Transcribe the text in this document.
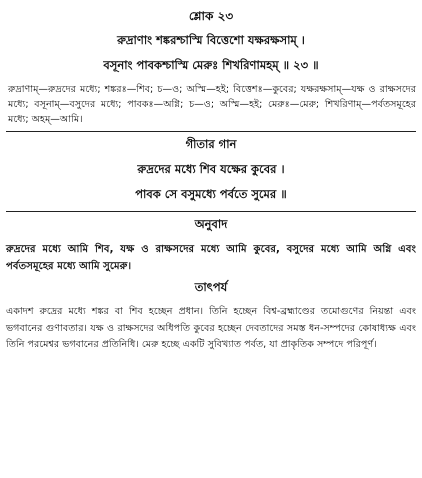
শ্লোক ২৩
রুদ্রাণাং শঙ্করশ্চাস্মি বিত্তেশো যক্ষরক্ষসাম্ ।
বসূনাং পাবকশ্চাস্মি মেরুঃ শিখরিণামহম্ ॥ ২৩ ॥
রুদ্রাণাম্—রুদ্রদের মধ্যে; শঙ্করঃ—শিব; চ—ও; অস্মি—হই; বিত্তেশঃ—কুবের; যক্ষরক্ষসাম্—যক্ষ ও রাক্ষসদের মধ্যে; বসূনাম্—বসুদের মধ্যে; পাবকঃ—অগ্নি; চ—ও; অস্মি—হই; মেরুঃ—মেরু; শিখরিণাম্—পর্বতসমূহের মধ্যে; অহম্—আমি।
গীতার গান
রুদ্রদের মধ্যে শিব যক্ষের কুবের ।
পাবক সে বসুমধ্যে পর্বতে সুমের ॥
অনুবাদ
রুদ্রদের মধ্যে আমি শিব, যক্ষ ও রাক্ষসদের মধ্যে আমি কুবের, বসুদের মধ্যে আমি অগ্নি এবং পর্বতসমূহের মধ্যে আমি সুমেরু।
তাৎপর্য
একাদশ রুদ্রের মধ্যে শঙ্কর বা শিব হচ্ছেন প্রধান। তিনি হচ্ছেন বিশ্ব-ব্রহ্মাণ্ডের তমোগুণের নিয়ন্তা এবং ভগবানের গুণাবতার। যক্ষ ও রাক্ষসদের অধিপতি কুবের হচ্ছেন দেবতাদের সমস্ত ধন-সম্পদের কোষাধ্যক্ষ এবং তিনি পরমেশ্বর ভগবানের প্রতিনিধি। মেরু হচ্ছে একটি সুবিখ্যাত পর্বত, যা প্রাকৃতিক সম্পদে পরিপূর্ণ।
